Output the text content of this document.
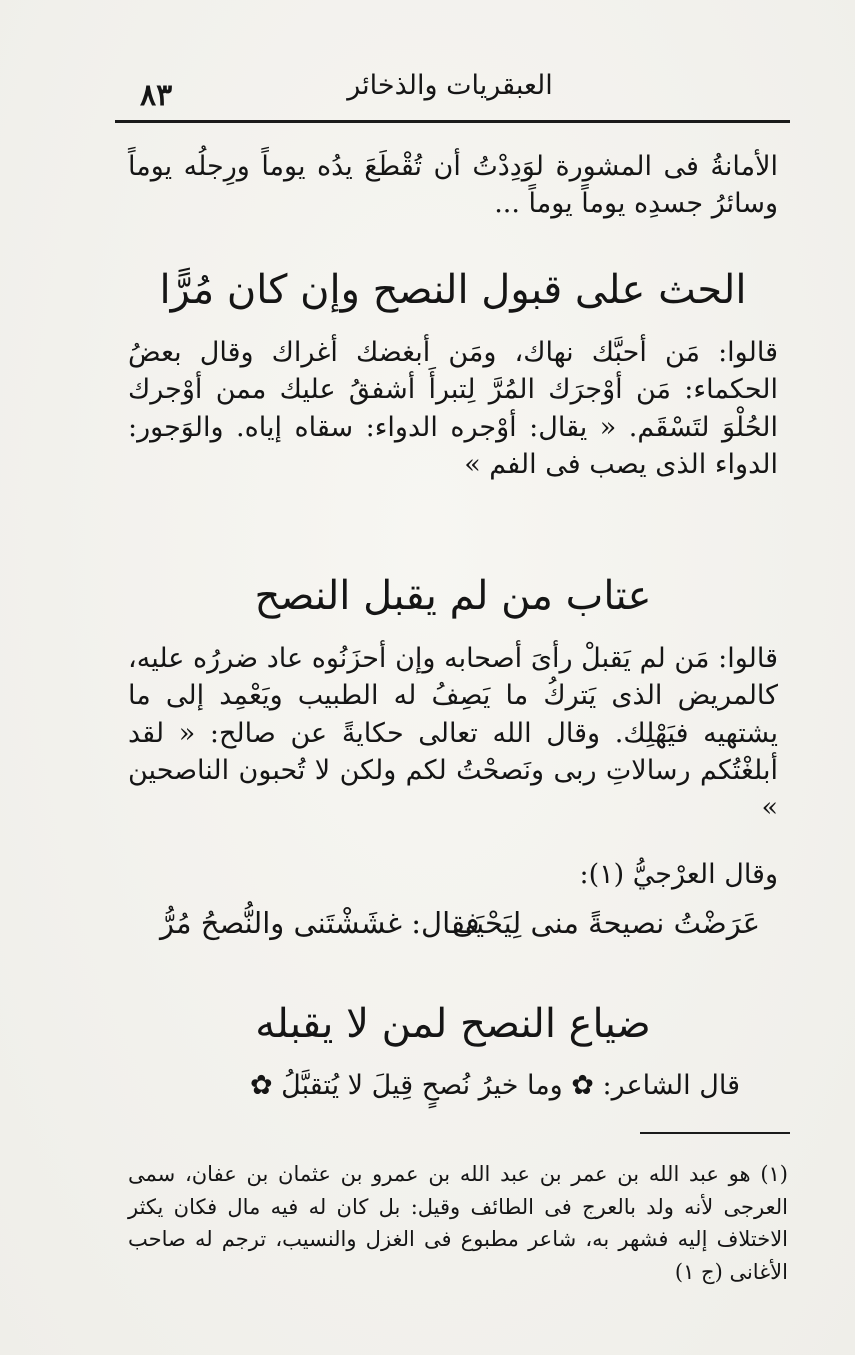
٨٣	العبقريات والذخائر
الأمانةُ فى المشورة لوَدِدْتُ أن تُقْطَعَ يدُه يوماً ورِجلُه يوماً وسائرُ جسدِه يوماً يوماً ...
الحث على قبول النصح وإن كان مُرًّا
قالوا: مَن أحبَّك نهاك، ومَن أبغضك أغراك وقال بعضُ الحكماء: مَن أوْجرَك المُرَّ لِتبرأَ أشفقُ عليك ممن أوْجرك الحُلْوَ لتَسْقَم. « يقال: أوْجره الدواء: سقاه إياه. والوَجور: الدواء الذى يصب فى الفم »
عتاب من لم يقبل النصح
قالوا: مَن لم يَقبلْ رأىَ أصحابه وإن أحزَنُوه عاد ضررُه عليه، كالمريض الذى يَتركُ ما يَصِفُ له الطبيب ويَعْمِد إلى ما يشتهيه فيَهْلِك. وقال الله تعالى حكايةً عن صالح: « لقد أبلغْتُكم رسالاتِ ربى ونَصحْتُ لكم ولكن لا تُحبون الناصحين »
وقال العرْجيُّ (١):
عَرَضْتُ نصيحةً منى لِيَحْيَى
فقال: غشَشْتَنى والنُّصحُ مُرُّ
ضياع النصح لمن لا يقبله
قال الشاعر: ✿ وما خيرُ نُصحٍ قِيلَ لا يُتقبَّلُ ✿
(١) هو عبد الله بن عمر بن عبد الله بن عمرو بن عثمان بن عفان، سمى العرجى لأنه ولد بالعرج فى الطائف وقيل: بل كان له فيه مال فكان يكثر الاختلاف إليه فشهر به، شاعر مطبوع فى الغزل والنسيب، ترجم له صاحب الأغانى (ج ١)
